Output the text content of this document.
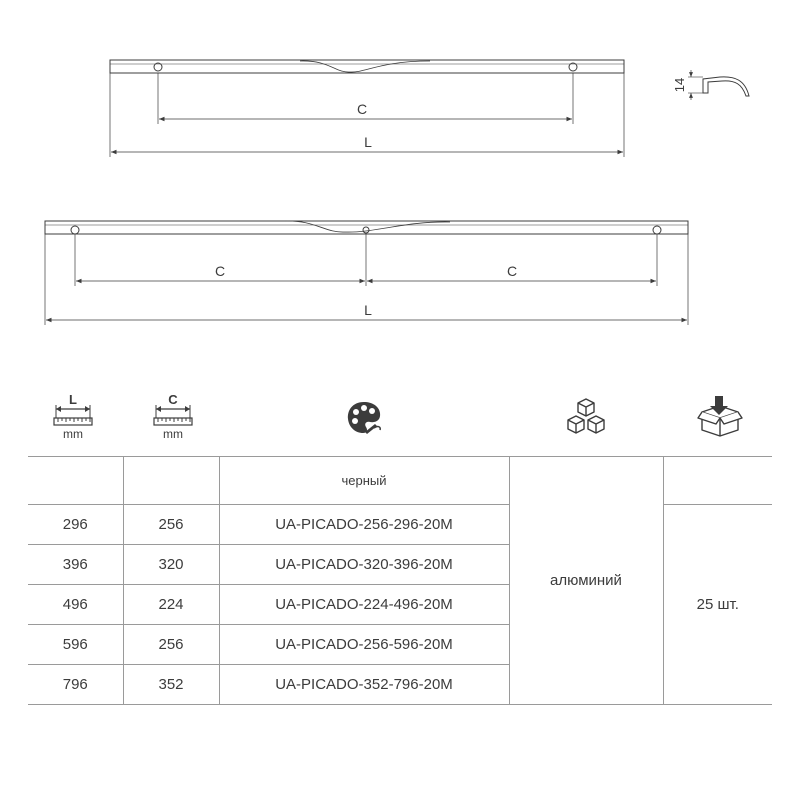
C
L
14
C	C
L
L
mm
C
mm
		черный	алюминий	
296	256	UA-PICADO-256-296-20M		25 шт.
396	320	UA-PICADO-320-396-20M		
496	224	UA-PICADO-224-496-20M		
596	256	UA-PICADO-256-596-20M		
796	352	UA-PICADO-352-796-20M		
